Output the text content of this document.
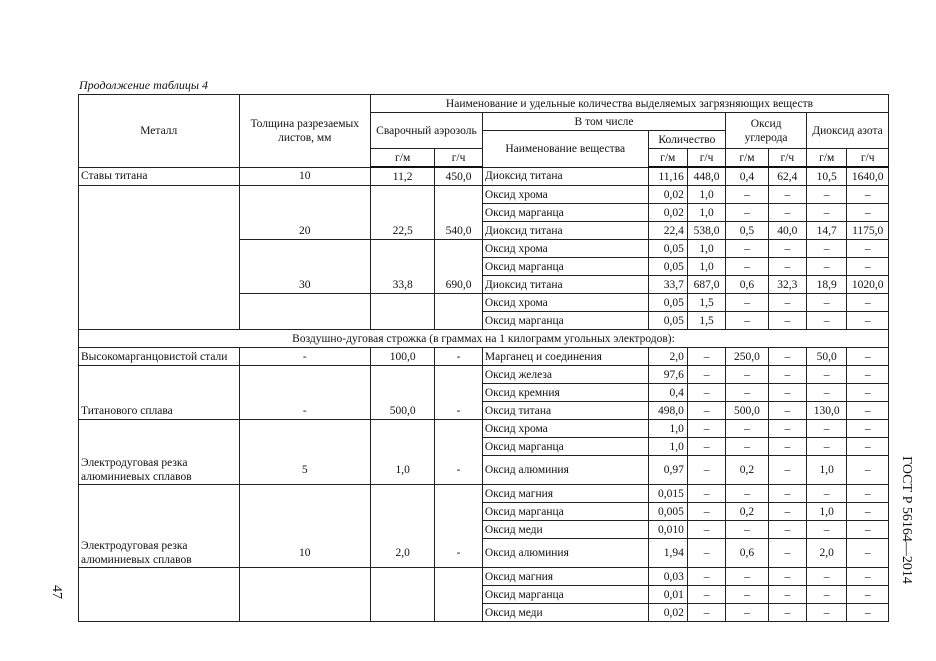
Продолжение таблицы 4
Металл	Толщина разрезаемых листов, мм	Наименование и удельные количества выделяемых загрязняющих веществ								
		Сварочный аэрозоль		В том числе			Оксид углерода		Диоксид азота	
				Наименование вещества	Количество					
		г/м	г/ч		г/м	г/ч	г/м	г/ч	г/м	г/ч
Ставы титана	10	11,2	450,0	Диоксид титана	11,16	448,0	0,4	62,4	10,5	1640,0
				Оксид хрома	0,02	1,0	–	–	–	–
				Оксид марганца	0,02	1,0	–	–	–	–
	20	22,5	540,0	Диоксид титана	22,4	538,0	0,5	40,0	14,7	1175,0
				Оксид хрома	0,05	1,0	–	–	–	–
				Оксид марганца	0,05	1,0	–	–	–	–
	30	33,8	690,0	Диоксид титана	33,7	687,0	0,6	32,3	18,9	1020,0
				Оксид хрома	0,05	1,5	–	–	–	–
				Оксид марганца	0,05	1,5	–	–	–	–
Воздушно-дуговая строжка (в граммах на 1 килограмм угольных электродов):										
Высокомарганцовистой стали	-	100,0	-	Марганец и соединения	2,0	–	250,0	–	50,0	–
				Оксид железа	97,6	–	–	–	–	–
				Оксид кремния	0,4	–	–	–	–	–
Титанового сплава	-	500,0	-	Оксид титана	498,0	–	500,0	–	130,0	–
				Оксид хрома	1,0	–	–	–	–	–
				Оксид марганца	1,0	–	–	–	–	–
Электродуговая резка алюминиевых сплавов	5	1,0	-	Оксид алюминия	0,97	–	0,2	–	1,0	–
				Оксид магния	0,015	–	–	–	–	–
				Оксид марганца	0,005	–	0,2	–	1,0	–
				Оксид меди	0,010	–	–	–	–	–
Электродуговая резка алюминиевых сплавов	10	2,0	-	Оксид алюминия	1,94	–	0,6	–	2,0	–
				Оксид магния	0,03	–	–	–	–	–
				Оксид марганца	0,01	–	–	–	–	–
				Оксид меди	0,02	–	–	–	–	–
ГОСТ Р 56164—2014
47
